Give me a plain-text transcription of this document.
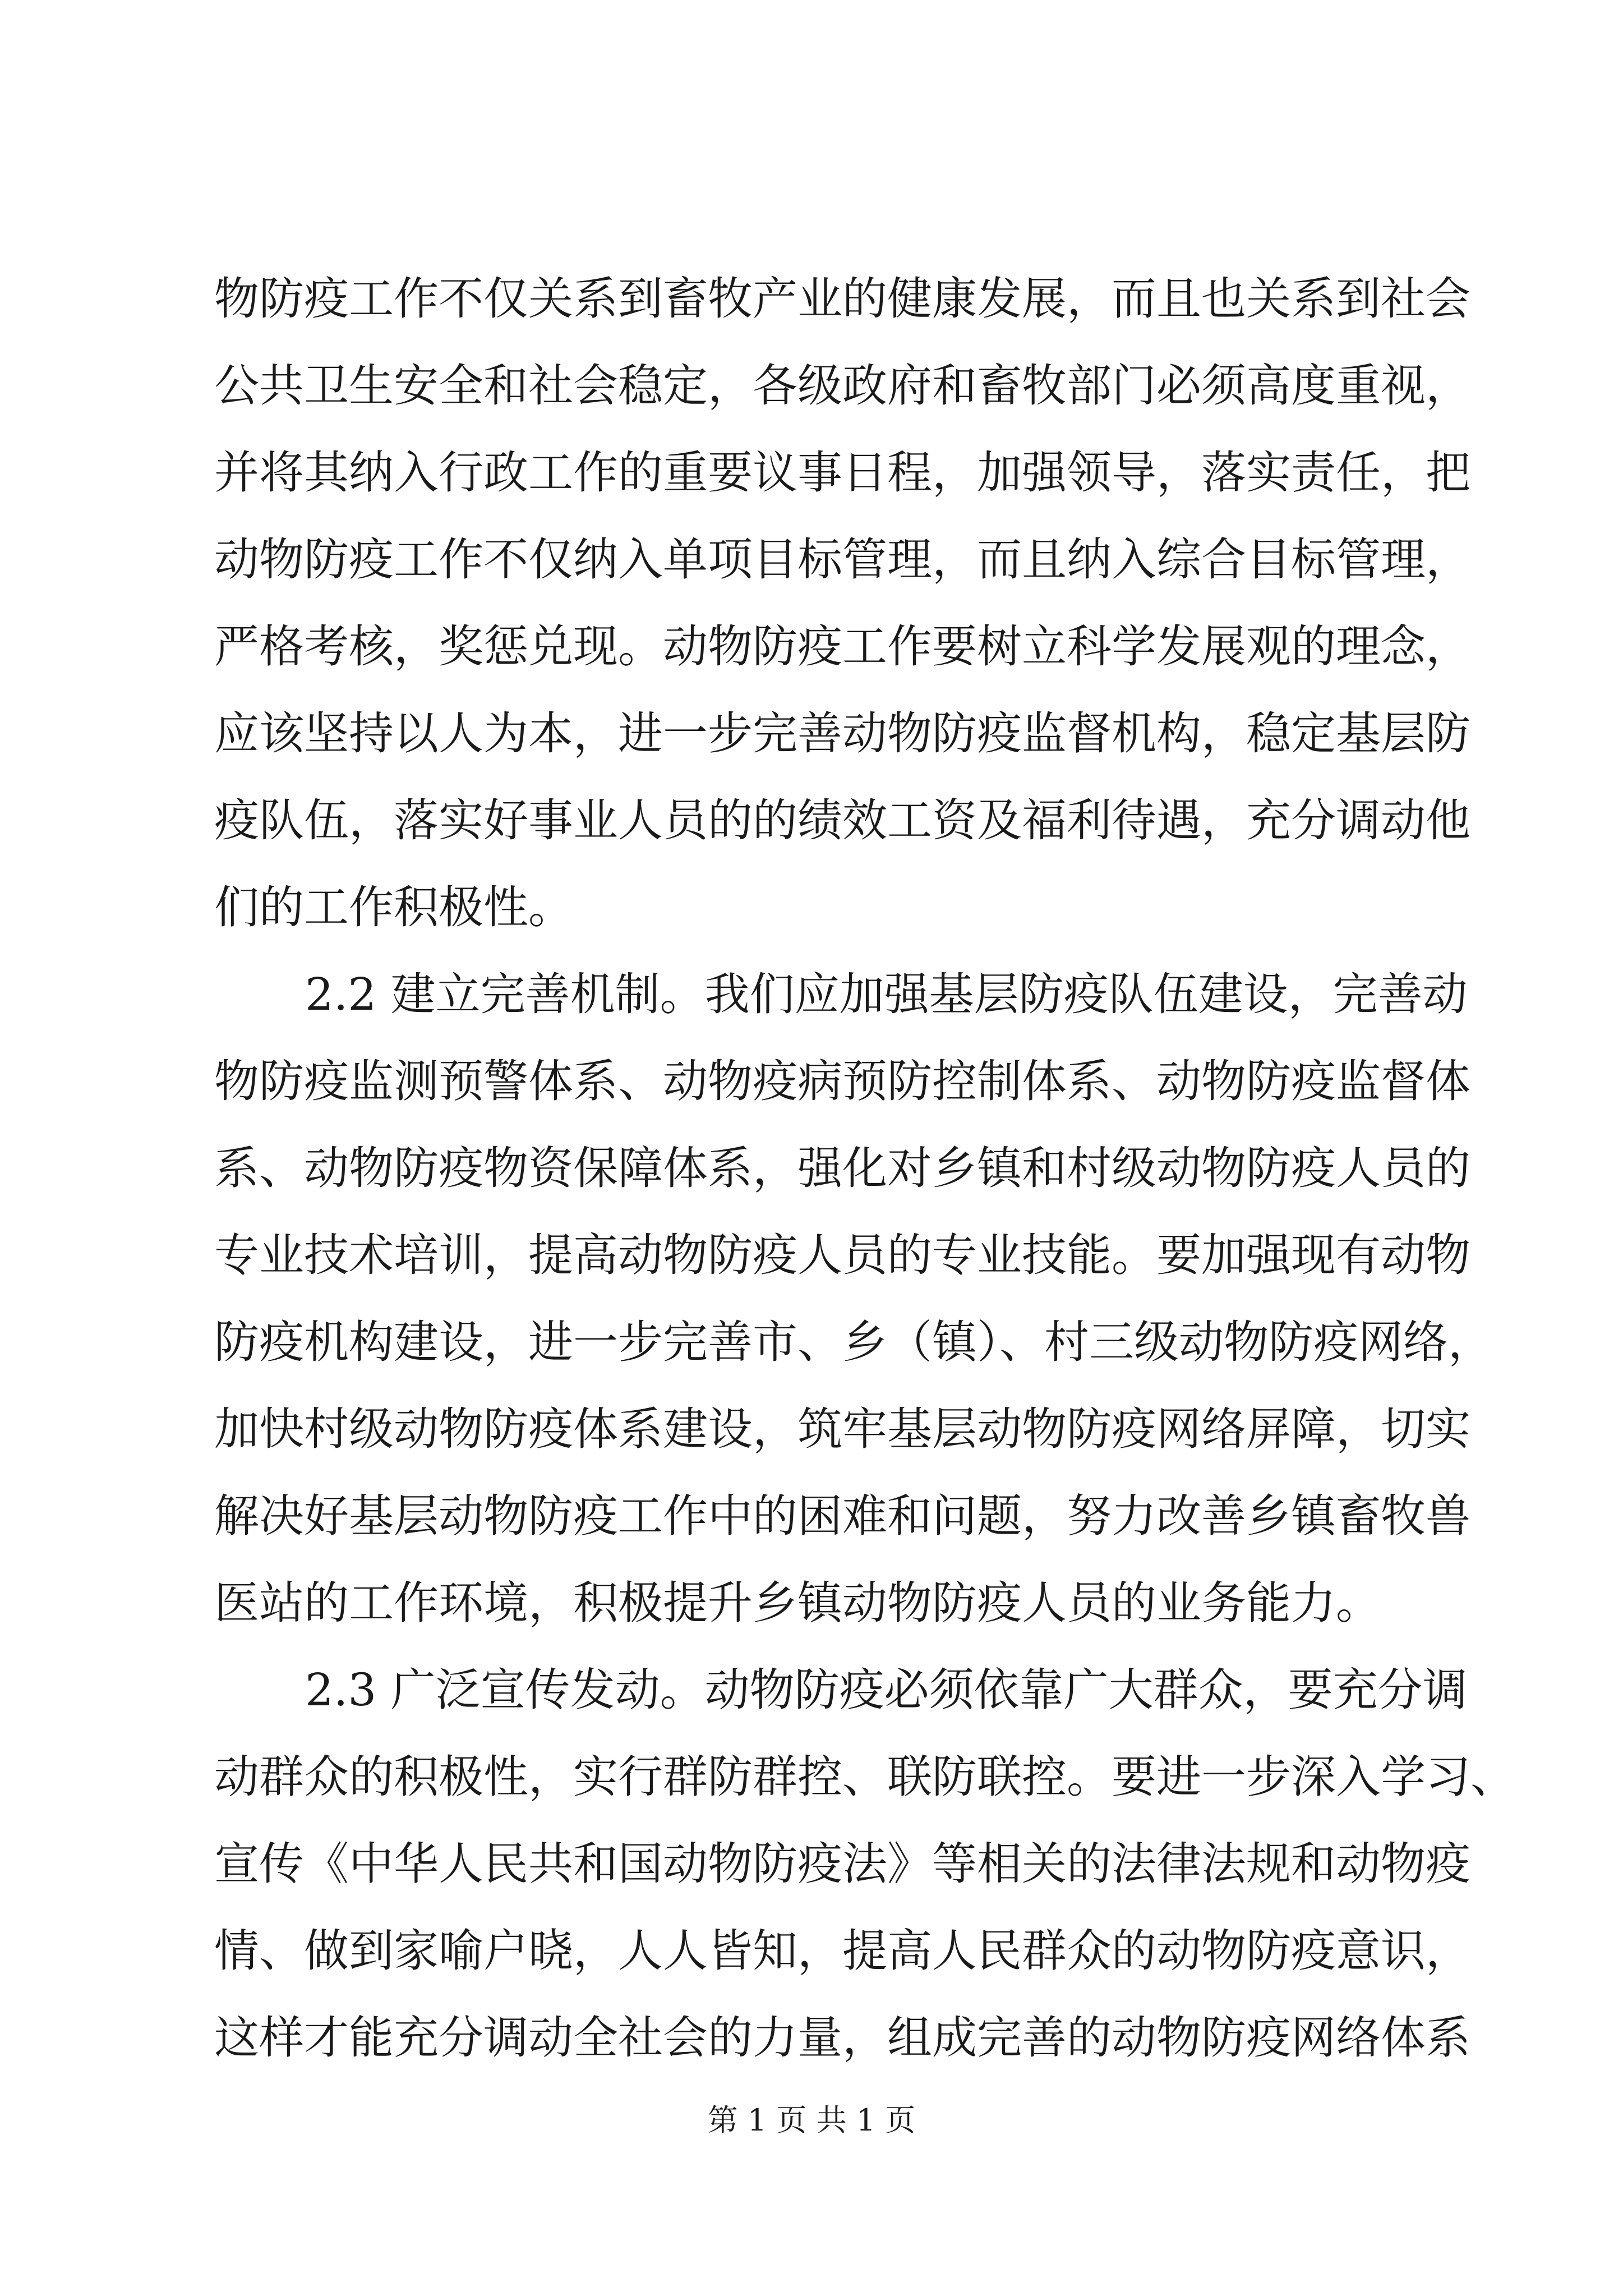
物防疫工作不仅关系到畜牧产业的健康发展，而且也关系到社会
公共卫生安全和社会稳定，各级政府和畜牧部门必须高度重视，
并将其纳入行政工作的重要议事日程，加强领导，落实责任，把
动物防疫工作不仅纳入单项目标管理，而且纳入综合目标管理，
严格考核，奖惩兑现。动物防疫工作要树立科学发展观的理念，
应该坚持以人为本，进一步完善动物防疫监督机构，稳定基层防
疫队伍，落实好事业人员的的绩效工资及福利待遇，充分调动他
们的工作积极性。
2.2 建立完善机制。我们应加强基层防疫队伍建设，完善动
物防疫监测预警体系、动物疫病预防控制体系、动物防疫监督体
系、动物防疫物资保障体系，强化对乡镇和村级动物防疫人员的
专业技术培训，提高动物防疫人员的专业技能。要加强现有动物
防疫机构建设，进一步完善市、乡（镇）、村三级动物防疫网络，
加快村级动物防疫体系建设，筑牢基层动物防疫网络屏障，切实
解决好基层动物防疫工作中的困难和问题，努力改善乡镇畜牧兽
医站的工作环境，积极提升乡镇动物防疫人员的业务能力。
2.3 广泛宣传发动。动物防疫必须依靠广大群众，要充分调
动群众的积极性，实行群防群控、联防联控。要进一步深入学习、
宣传《中华人民共和国动物防疫法》等相关的法律法规和动物疫
情、做到家喻户晓，人人皆知，提高人民群众的动物防疫意识，
这样才能充分调动全社会的力量，组成完善的动物防疫网络体系
第 1 页 共 1 页
